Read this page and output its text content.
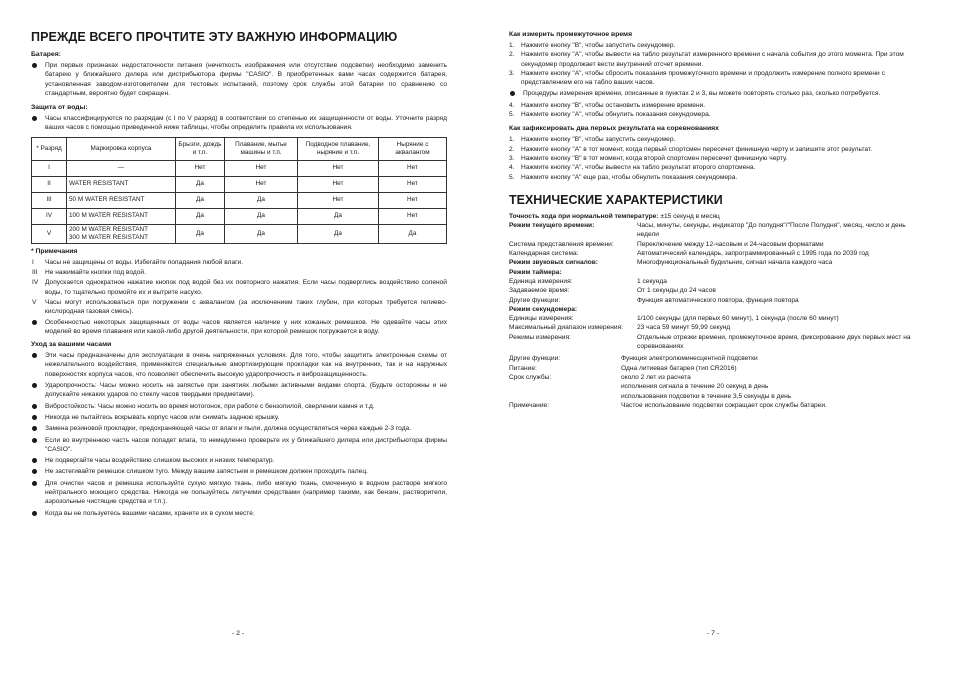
ПРЕЖДЕ ВСЕГО ПРОЧТИТЕ ЭТУ ВАЖНУЮ ИНФОРМАЦИЮ
Батарея:

При первых признаках недостаточности питания (нечеткость изображения или отсутствие подсветки) необходимо заменить батарею у ближайшего дилера или дистрибьютора фирмы "CASIO". В приобретенных вами часах содержится батарея, установленная заводом-изготовителем для тестовых испытаний, поэтому срок службы этой батареи по сравнению со стандартным, вероятно будет сокращен.

Защита от воды:

Часы классифицируются по разрядам (с I по V разряд) в соответствии со степенью их защищенности от воды. Уточните разряд ваших часов с помощью приведенной ниже таблицы, чтобы определить правила их использования.

* Разряд	Маркировка корпуса	Брызги, дождь и т.п.	Плавание, мытье машины и т.п.	Подводное плавание, ныряние и т.п.	Ныряние с аквалангом
I	—	Нет	Нет	Нет	Нет
II	WATER RESISTANT	Да	Нет	Нет	Нет
III	50 M WATER RESISTANT	Да	Да	Нет	Нет
IV	100 M WATER RESISTANT	Да	Да	Да	Нет
V	200 M WATER RESISTANT
300 M WATER RESISTANT	Да	Да	Да	Да
* Примечания

I Часы не защищены от воды. Избегайте попадания любой влаги.

III Не нажимайте кнопки под водой.

IV Допускается однократное нажатие кнопок под водой без их повторного нажатия. Если часы подверглись воздействию соленой воды, то тщательно промойте их и вытрите насухо.

V Часы могут использоваться при погружении с аквалангом (за исключением таких глубин, при которых требуется гелиево-кислородная газовая смесь).

Особенностью некоторых защищенных от воды часов является наличие у них кожаных ремешков. Не одевайте часы этих моделей во время плавания или какой-либо другой деятельности, при которой ремешок погружается в воду.

Уход за вашими часами

Эти часы предназначены для эксплуатации в очень напряженных условиях. Для того, чтобы защитить электронные схемы от нежелательного воздействия, применяются специальные амортизирующие прокладки как на внутренних, так и на наружных поверхностях корпуса часов, что позволяет обеспечить высокую ударопрочность и виброзащищенность.

Ударопрочность: Часы можно носить на запястье при занятиях любыми активными видами спорта. (Будьте осторожны и не допускайте никаких ударов по стеклу часов твердыми предметами).

Вибростойкость: Часы можно носить во время мотогонок, при работе с бензопилой, сверлении камня и т.д.

Никогда не пытайтесь вскрывать корпус часов или снимать заднюю крышку.

Замена резиновой прокладки, предохраняющей часы от влаги и пыли, должна осуществляться через каждые 2-3 года.

Если во внутреннюю часть часов попадет влага, то немедленно проверьте их у ближайшего дилера или дистрибьютора фирмы "CASIO".

Не подвергайте часы воздействию слишком высоких и низких температур.

Не застегивайте ремешок слишком туго. Между вашим запястьем и ремешком должен проходить палец.

Для очистки часов и ремешка используйте сухую мягкую ткань, либо мягкую ткань, смоченную в водном растворе мягкого нейтрального моющего средства. Никогда не пользуйтесь летучими средствами (например такими, как бензин, растворители, аэрозольные чистящие средства и т.п.).

Когда вы не пользуетесь вашими часами, храните их в сухом месте.

- 2 -
Как измерить промежуточное время
1. Нажмите кнопку "B", чтобы запустить секундомер.
2. Нажмите кнопку "A", чтобы вывести на табло результат измеренного времени с начала события до этого момента. При этом секундомер продолжает вести внутренний отсчет времени.
3. Нажмите кнопку "A", чтобы сбросить показания промежуточного времени и продолжить измерение полного времени с представлением его на табло ваших часов.

Процедуры измерения времени, описанные в пунктах 2 и 3, вы можете повторять столько раз, сколько потребуется.

4. Нажмите кнопку "B", чтобы остановить измерение времени.
5. Нажмите кнопку "A", чтобы обнулить показания секундомера.
Как зафиксировать два первых результата на соревнованиях
1. Нажмите кнопку "B", чтобы запустить секундомер.
2. Нажмите кнопку "A" в тот момент, когда первый спортсмен пересечет финишную черту и запишите этот результат.
3. Нажмите кнопку "B" в тот момент, когда второй спортсмен пересечет финишную черту.
4. Нажмите кнопку "A", чтобы вывести на табло результат второго спортсмена.
5. Нажмите кнопку "A" еще раз, чтобы обнулить показания секундомера.
ТЕХНИЧЕСКИЕ ХАРАКТЕРИСТИКИ
Точность хода при нормальной температуре: ±15 секунд в месяц
Режим текущего времени:	Часы, минуты, секунды, индикатор "До полудня"/"После Полудня", месяц, число и день недели
Система представления времени:	Переключение между 12-часовым и 24-часовым форматами
Календарная система:	Автоматический календарь, запрограммированный с 1995 года по 2039 год
Режим звуковых сигналов:	Многофункциональный будильник, сигнал начала каждого часа
Режим таймера:
Единица измерения:	1 секунда
Задаваемое время:	От 1 секунды до 24 часов
Другие функции:	Функция автоматического повтора, функция повтора
Режим секундомера:
Единицы измерения:	1/100 секунды (для первых 60 минут), 1 секунда (после 60 минут)
Максимальный диапазон измерения:	23 часа 59 минут 59,99 секунд
Режимы измерения:	Отдельные отрезки времени, промежуточное время, фиксирование двух первых мест на соревнованиях
Другие функции:	Функция электролюминесцентной подсветки
Питание:	Одна литиевая батарея (тип CR2016)
Срок службы:	около 2 лет из расчета
исполнения сигнала в течение 20 секунд в день
использования подсветки в течение 3,5 секунды в день
Примечание:	Частое использование подсветки сокращает срок службы батареи.
- 7 -
